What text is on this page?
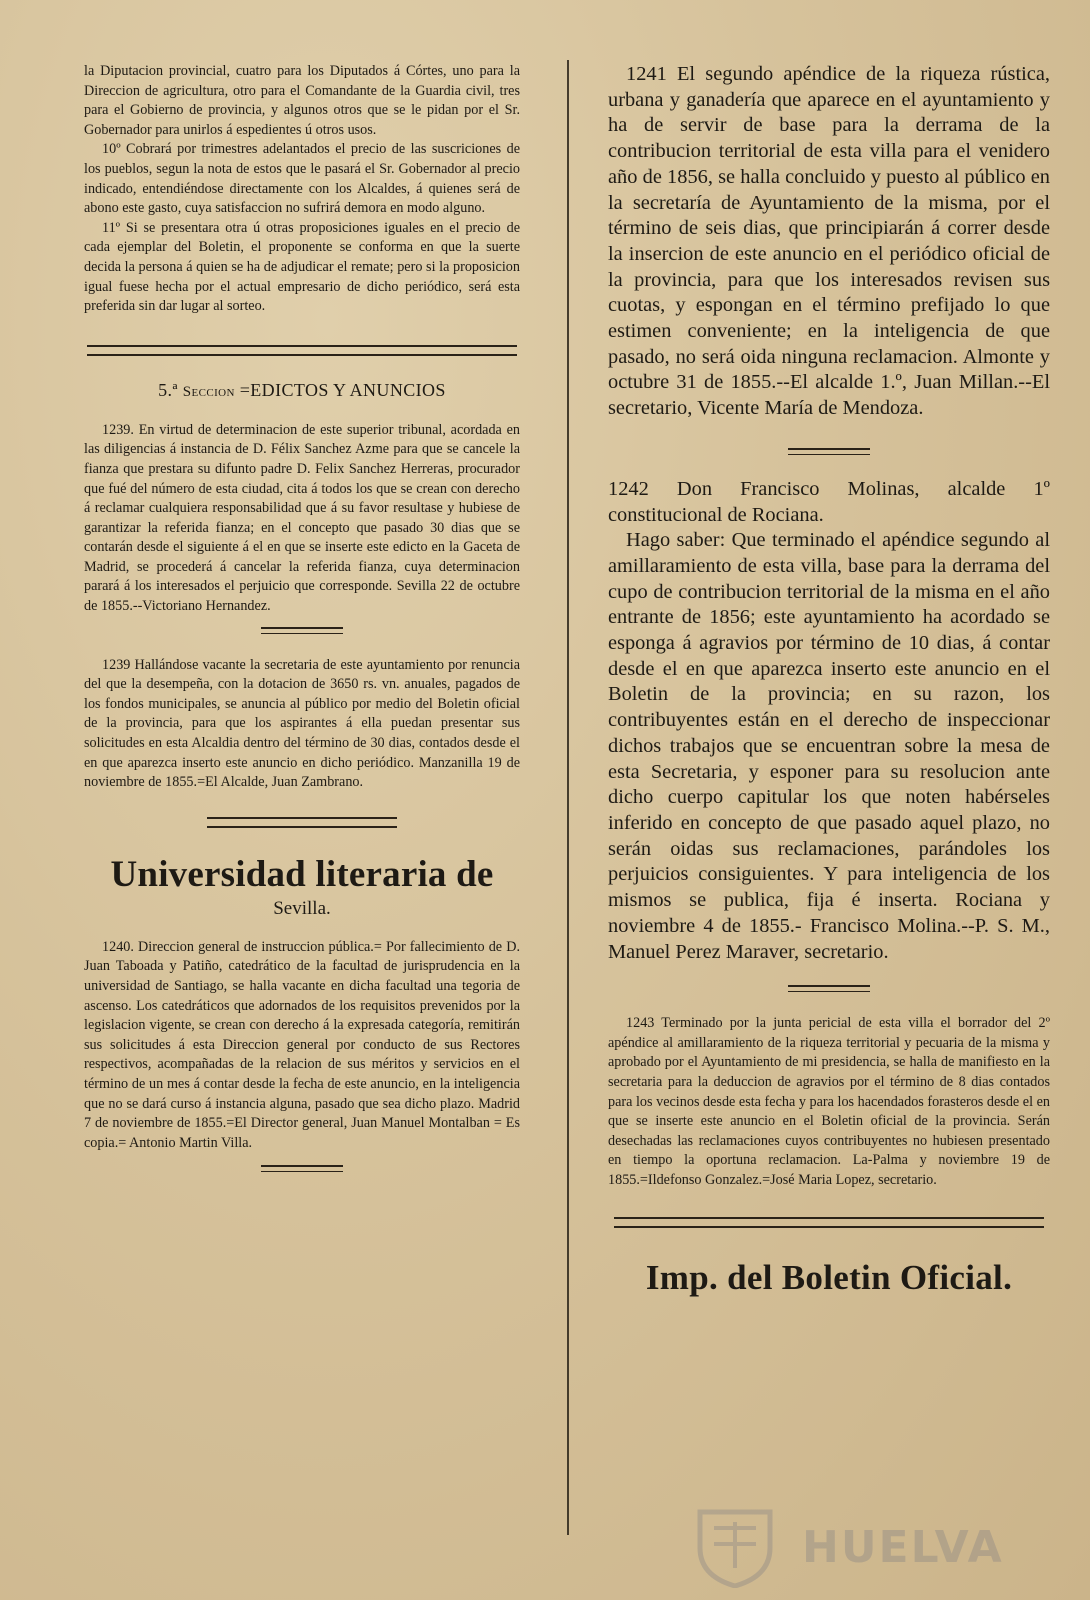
la Diputacion provincial, cuatro para los Diputados á Córtes, uno para la Direccion de agricultura, otro para el Comandante de la Guardia civil, tres para el Gobierno de provincia, y algunos otros que se le pidan por el Sr. Gobernador para unirlos á espedientes ú otros usos.

10º Cobrará por trimestres adelantados el precio de las suscriciones de los pueblos, segun la nota de estos que le pasará el Sr. Gobernador al precio indicado, entendiéndose directamente con los Alcaldes, á quienes será de abono este gasto, cuya satisfaccion no sufrirá demora en modo alguno.

11º Si se presentara otra ú otras proposiciones iguales en el precio de cada ejemplar del Boletin, el proponente se conforma en que la suerte decida la persona á quien se ha de adjudicar el remate; pero si la proposicion igual fuese hecha por el actual empresario de dicho periódico, será esta preferida sin dar lugar al sorteo.

5.ª Seccion =EDICTOS Y ANUNCIOS

1239. En virtud de determinacion de este superior tribunal, acordada en las diligencias á instancia de D. Félix Sanchez Azme para que se cancele la fianza que prestara su difunto padre D. Felix Sanchez Herreras, procurador que fué del número de esta ciudad, cita á todos los que se crean con derecho á reclamar cualquiera responsabilidad que á su favor resultase y hubiese de garantizar la referida fianza; en el concepto que pasado 30 dias que se contarán desde el siguiente á el en que se inserte este edicto en la Gaceta de Madrid, se procederá á cancelar la referida fianza, cuya determinacion parará á los interesados el perjuicio que corresponde. Sevilla 22 de octubre de 1855.--Victoriano Hernandez.

1239 Hallándose vacante la secretaria de este ayuntamiento por renuncia del que la desempeña, con la dotacion de 3650 rs. vn. anuales, pagados de los fondos municipales, se anuncia al público por medio del Boletin oficial de la provincia, para que los aspirantes á ella puedan presentar sus solicitudes en esta Alcaldia dentro del término de 30 dias, contados desde el en que aparezca inserto este anuncio en dicho periódico. Manzanilla 19 de noviembre de 1855.=El Alcalde, Juan Zambrano.

Universidad literaria de
Sevilla.

1240. Direccion general de instruccion pública.= Por fallecimiento de D. Juan Taboada y Patiño, catedrático de la facultad de jurisprudencia en la universidad de Santiago, se halla vacante en dicha facultad una tegoria de ascenso. Los catedráticos que adornados de los requisitos prevenidos por la legislacion vigente, se crean con derecho á la expresada categoría, remitirán sus solicitudes á esta Direccion general por conducto de sus Rectores respectivos, acompañadas de la relacion de sus méritos y servicios en el término de un mes á contar desde la fecha de este anuncio, en la inteligencia que no se dará curso á instancia alguna, pasado que sea dicho plazo. Madrid 7 de noviembre de 1855.=El Director general, Juan Manuel Montalban = Es copia.= Antonio Martin Villa.

1241 El segundo apéndice de la riqueza rústica, urbana y ganadería que aparece en el ayuntamiento y ha de servir de base para la derrama de la contribucion territorial de esta villa para el venidero año de 1856, se halla concluido y puesto al público en la secretaría de Ayuntamiento de la misma, por el término de seis dias, que principiarán á correr desde la insercion de este anuncio en el periódico oficial de la provincia, para que los interesados revisen sus cuotas, y espongan en el término prefijado lo que estimen conveniente; en la inteligencia de que pasado, no será oida ninguna reclamacion. Almonte y octubre 31 de 1855.--El alcalde 1.º, Juan Millan.--El secretario, Vicente María de Mendoza.

1242 Don Francisco Molinas, alcalde 1º constitucional de Rociana.

Hago saber: Que terminado el apéndice segundo al amillaramiento de esta villa, base para la derrama del cupo de contribucion territorial de la misma en el año entrante de 1856; este ayuntamiento ha acordado se esponga á agravios por término de 10 dias, á contar desde el en que aparezca inserto este anuncio en el Boletin de la provincia; en su razon, los contribuyentes están en el derecho de inspeccionar dichos trabajos que se encuentran sobre la mesa de esta Secretaria, y esponer para su resolucion ante dicho cuerpo capitular los que noten habérseles inferido en concepto de que pasado aquel plazo, no serán oidas sus reclamaciones, parándoles los perjuicios consiguientes. Y para inteligencia de los mismos se publica, fija é inserta. Rociana y noviembre 4 de 1855.- Francisco Molina.--P. S. M., Manuel Perez Maraver, secretario.

1243 Terminado por la junta pericial de esta villa el borrador del 2º apéndice al amillaramiento de la riqueza territorial y pecuaria de la misma y aprobado por el Ayuntamiento de mi presidencia, se halla de manifiesto en la secretaria para la deduccion de agravios por el término de 8 dias contados para los vecinos desde esta fecha y para los hacendados forasteros desde el en que se inserte este anuncio en el Boletin oficial de la provincia. Serán desechadas las reclamaciones cuyos contribuyentes no hubiesen presentado en tiempo la oportuna reclamacion. La-Palma y noviembre 19 de 1855.=Ildefonso Gonzalez.=José Maria Lopez, secretario.

Imp. del Boletin Oficial.
HUELVA
